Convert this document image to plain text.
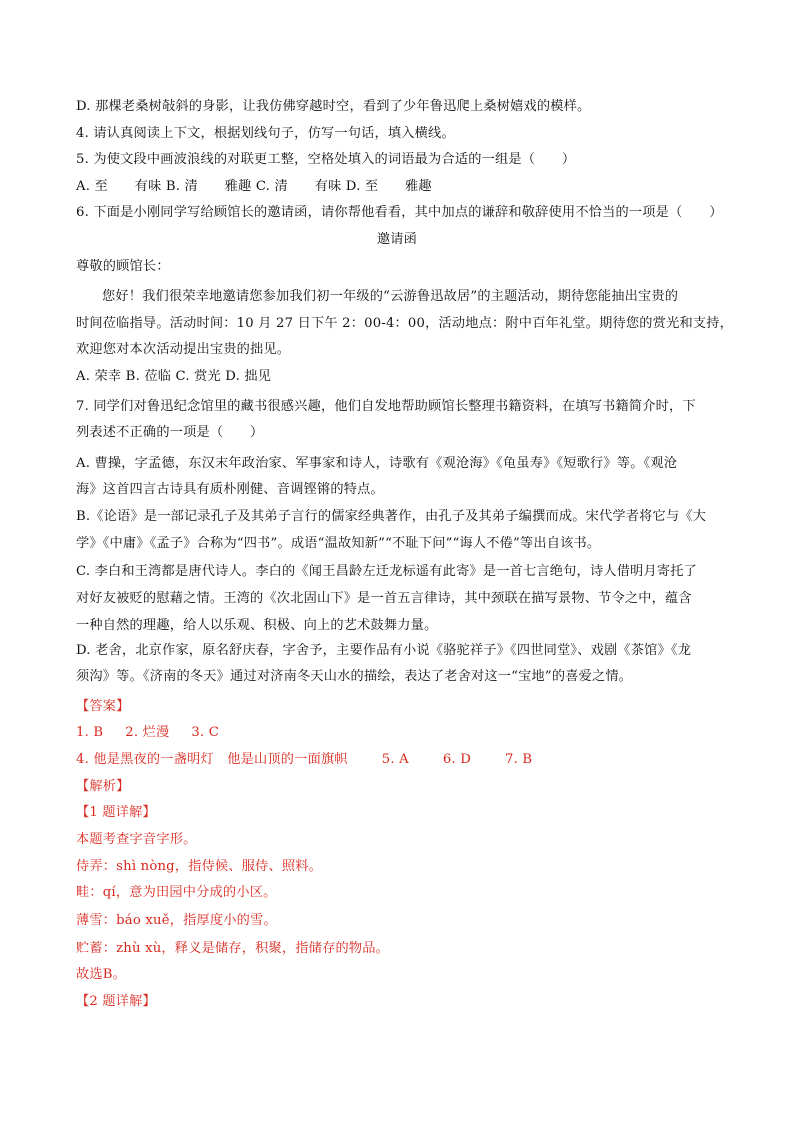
D. 那棵老桑树敧斜的身影，让我仿佛穿越时空，看到了少年鲁迅爬上桑树嬉戏的模样。
4. 请认真阅读上下文，根据划线句子，仿写一句话，填入横线。
5. 为使文段中画波浪线的对联更工整，空格处填入的词语最为合适的一组是（　　）
A. 至　　有味 B. 清　　雅趣 C. 清　　有味 D. 至　　雅趣
6. 下面是小刚同学写给顾馆长的邀请函，请你帮他看看，其中加点的谦辞和敬辞使用不恰当的一项是（　　）
邀请函
尊敬的顾馆长：
您好！我们很荣幸地邀请您参加我们初一年级的“云游鲁迅故居”的主题活动，期待您能抽出宝贵的
时间莅临指导。活动时间：10 月 27 日下午 2：00-4：00，活动地点：附中百年礼堂。期待您的赏光和支持，
欢迎您对本次活动提出宝贵的拙见。
A. 荣幸 B. 莅临 C. 赏光 D. 拙见
7. 同学们对鲁迅纪念馆里的藏书很感兴趣，他们自发地帮助顾馆长整理书籍资料，在填写书籍简介时，下
列表述不正确的一项是（　　）
A. 曹操，字孟德，东汉末年政治家、军事家和诗人，诗歌有《观沧海》《龟虽寿》《短歌行》等。《观沧
海》这首四言古诗具有质朴刚健、音调铿锵的特点。
B.《论语》是一部记录孔子及其弟子言行的儒家经典著作，由孔子及其弟子编撰而成。宋代学者将它与《大
学》《中庸》《孟子》合称为“四书”。成语“温故知新”“不耻下问”“诲人不倦”等出自该书。
C. 李白和王湾都是唐代诗人。李白的《闻王昌龄左迁龙标遥有此寄》是一首七言绝句，诗人借明月寄托了
对好友被贬的慰藉之情。王湾的《次北固山下》是一首五言律诗，其中颈联在描写景物、节令之中，蕴含
一种自然的理趣，给人以乐观、积极、向上的艺术鼓舞力量。
D. 老舍，北京作家，原名舒庆春，字舍予，主要作品有小说《骆驼祥子》《四世同堂》、戏剧《茶馆》《龙
须沟》等。《济南的冬天》通过对济南冬天山水的描绘，表达了老舍对这一“宝地”的喜爱之情。
【答案】
1. B 2. 烂漫 3. C
4. 他是黑夜的一盏明灯　他是山顶的一面旗帜	5. A	6. D	7. B
【解析】
【1 题详解】
本题考查字音字形。
侍弄：shì nòng，指侍候、服侍、照料。
畦：qí，意为田园中分成的小区。
薄雪：báo xuě，指厚度小的雪。
贮蓄：zhù xù，释义是储存，积聚，指储存的物品。
故选B。
【2 题详解】
